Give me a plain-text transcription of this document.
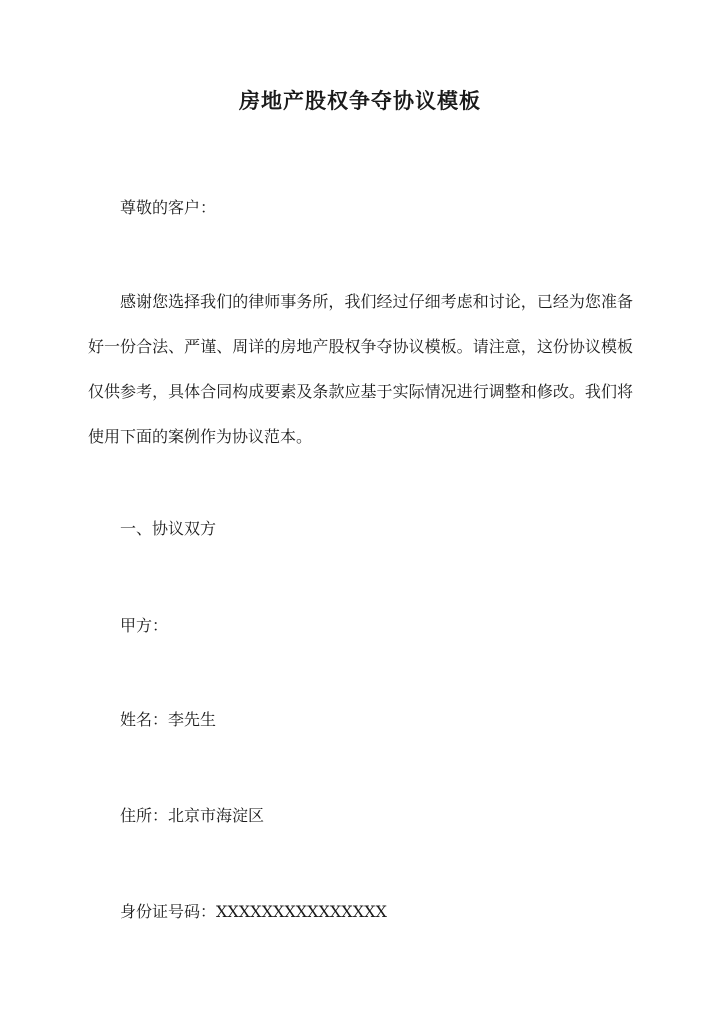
房地产股权争夺协议模板
尊敬的客户：
感谢您选择我们的律师事务所，我们经过仔细考虑和讨论，已经为您准备好一份合法、严谨、周详的房地产股权争夺协议模板。请注意，这份协议模板仅供参考，具体合同构成要素及条款应基于实际情况进行调整和修改。我们将使用下面的案例作为协议范本。
一、协议双方
甲方：
姓名：李先生
住所：北京市海淀区
身份证号码：XXXXXXXXXXXXXXX
